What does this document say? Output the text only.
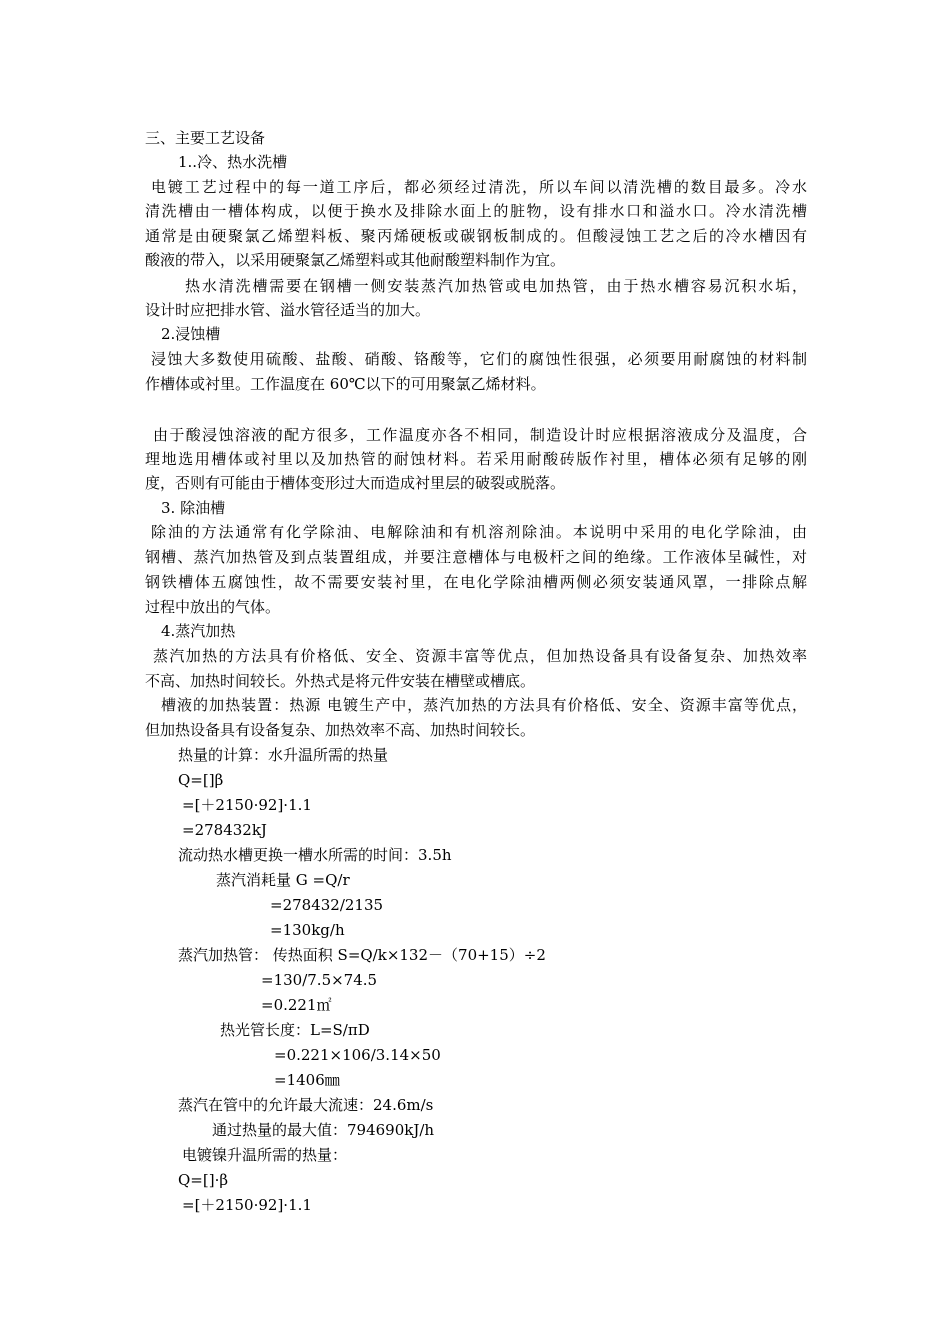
三、主要工艺设备

1..冷、热水洗槽

电镀工艺过程中的每一道工序后，都必须经过清洗，所以车间以清洗槽的数目最多。冷水

清洗槽由一槽体构成，以便于换水及排除水面上的脏物，设有排水口和溢水口。冷水清洗槽

通常是由硬聚氯乙烯塑料板、聚丙烯硬板或碳钢板制成的。但酸浸蚀工艺之后的冷水槽因有

酸液的带入，以采用硬聚氯乙烯塑料或其他耐酸塑料制作为宜。

热水清洗槽需要在钢槽一侧安装蒸汽加热管或电加热管，由于热水槽容易沉积水垢，

设计时应把排水管、溢水管径适当的加大。

2.浸蚀槽

浸蚀大多数使用硫酸、盐酸、硝酸、铬酸等，它们的腐蚀性很强，必须要用耐腐蚀的材料制

作槽体或衬里。工作温度在 60℃以下的可用聚氯乙烯材料。

由于酸浸蚀溶液的配方很多，工作温度亦各不相同，制造设计时应根据溶液成分及温度，合

理地选用槽体或衬里以及加热管的耐蚀材料。若采用耐酸砖版作衬里，槽体必须有足够的刚

度，否则有可能由于槽体变形过大而造成衬里层的破裂或脱落。

3. 除油槽

除油的方法通常有化学除油、电解除油和有机溶剂除油。本说明中采用的电化学除油，由

钢槽、蒸汽加热管及到点装置组成，并要注意槽体与电极杆之间的绝缘。工作液体呈碱性，对

钢铁槽体五腐蚀性，故不需要安装衬里，在电化学除油槽两侧必须安装通风罩，一排除点解

过程中放出的气体。

4.蒸汽加热

蒸汽加热的方法具有价格低、安全、资源丰富等优点，但加热设备具有设备复杂、加热效率

不高、加热时间较长。外热式是将元件安装在槽壁或槽底。

槽液的加热装置：热源 电镀生产中，蒸汽加热的方法具有价格低、安全、资源丰富等优点，

但加热设备具有设备复杂、加热效率不高、加热时间较长。

热量的计算：水升温所需的热量

Q=[]β

=[＋2150·92]·1.1

=278432kJ

流动热水槽更换一槽水所需的时间：3.5h

蒸汽消耗量 G =Q/r

=278432/2135

=130kg/h

蒸汽加热管： 传热面积 S=Q/k×132－（70+15）÷2

=130/7.5×74.5

=0.221㎡

热光管长度：L=S/πD

=0.221×106/3.14×50

=1406㎜

蒸汽在管中的允许最大流速：24.6m/s

通过热量的最大值：794690kJ/h

电镀镍升温所需的热量：

Q=[]·β

=[＋2150·92]·1.1
